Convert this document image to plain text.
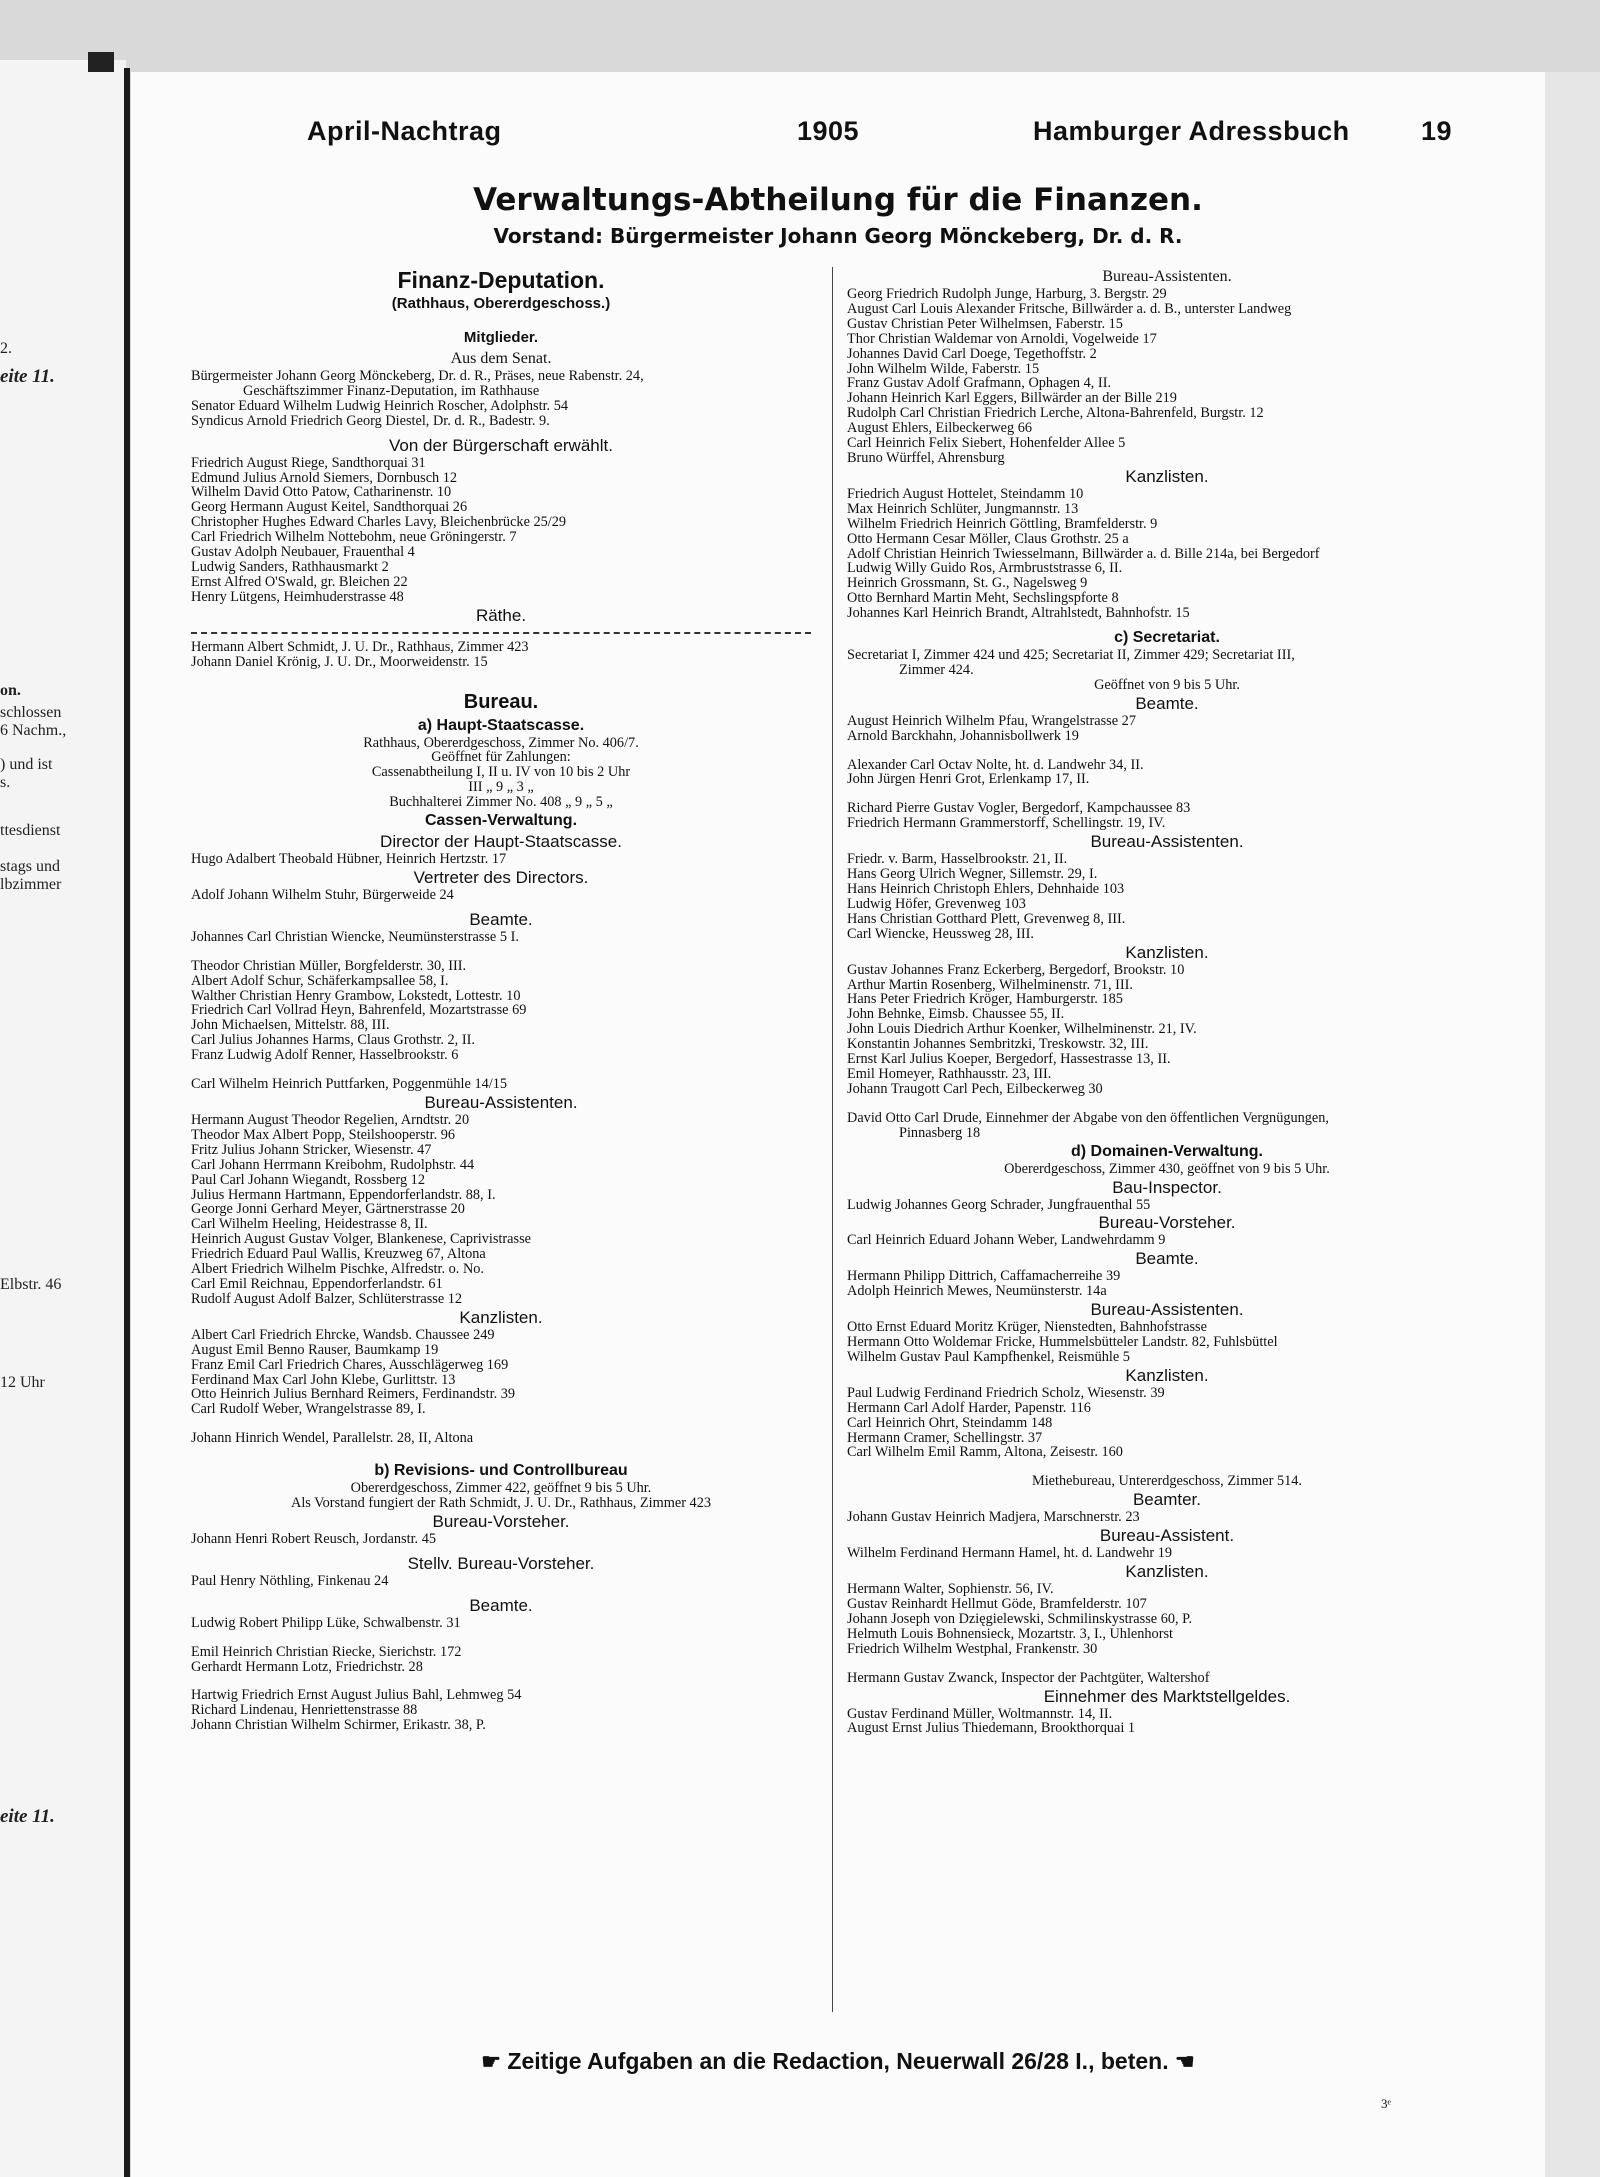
2.
eite 11.
on.
schlossen
6 Nachm.,
) und ist
s.
ttesdienst
stags und
lbzimmer
Elbstr. 46
12 Uhr
eite 11.
April-Nachtrag	1905	Hamburger Adressbuch	19
Verwaltungs-Abtheilung für die Finanzen.
Vorstand: Bürgermeister Johann Georg Mönckeberg, Dr. d. R.

Finanz-Deputation.

(Rathhaus, Obererdgeschoss.)

Mitglieder.

Aus dem Senat.

Bürgermeister Johann Georg Mönckeberg, Dr. d. R., Präses, neue Rabenstr. 24,

Geschäftszimmer Finanz-Deputation, im Rathhause

Senator Eduard Wilhelm Ludwig Heinrich Roscher, Adolphstr. 54

Syndicus Arnold Friedrich Georg Diestel, Dr. d. R., Badestr. 9.

Von der Bürgerschaft erwählt.

Friedrich August Riege, Sandthorquai 31

Edmund Julius Arnold Siemers, Dornbusch 12

Wilhelm David Otto Patow, Catharinenstr. 10

Georg Hermann August Keitel, Sandthorquai 26

Christopher Hughes Edward Charles Lavy, Bleichenbrücke 25/29

Carl Friedrich Wilhelm Nottebohm, neue Gröningerstr. 7

Gustav Adolph Neubauer, Frauenthal 4

Ludwig Sanders, Rathhausmarkt 2

Ernst Alfred O'Swald, gr. Bleichen 22

Henry Lütgens, Heimhuderstrasse 48

Räthe.

Hermann Albert Schmidt, J. U. Dr., Rathhaus, Zimmer 423

Johann Daniel Krönig, J. U. Dr., Moorweidenstr. 15

Bureau.

a) Haupt-Staatscasse.

Rathhaus, Obererdgeschoss, Zimmer No. 406/7.

Geöffnet für Zahlungen:

Cassenabtheilung I, II u. IV von 10 bis 2 Uhr

III „ 9 „ 3 „

Buchhalterei Zimmer No. 408 „ 9 „ 5 „

Cassen-Verwaltung.

Director der Haupt-Staatscasse.

Hugo Adalbert Theobald Hübner, Heinrich Hertzstr. 17

Vertreter des Directors.

Adolf Johann Wilhelm Stuhr, Bürgerweide 24

Beamte.

Johannes Carl Christian Wiencke, Neumünsterstrasse 5 I.

Theodor Christian Müller, Borgfelderstr. 30, III.

Albert Adolf Schur, Schäferkampsallee 58, I.

Walther Christian Henry Grambow, Lokstedt, Lottestr. 10

Friedrich Carl Vollrad Heyn, Bahrenfeld, Mozartstrasse 69

John Michaelsen, Mittelstr. 88, III.

Carl Julius Johannes Harms, Claus Grothstr. 2, II.

Franz Ludwig Adolf Renner, Hasselbrookstr. 6

Carl Wilhelm Heinrich Puttfarken, Poggenmühle 14/15

Bureau-Assistenten.

Hermann August Theodor Regelien, Arndtstr. 20

Theodor Max Albert Popp, Steilshooperstr. 96

Fritz Julius Johann Stricker, Wiesenstr. 47

Carl Johann Herrmann Kreibohm, Rudolphstr. 44

Paul Carl Johann Wiegandt, Rossberg 12

Julius Hermann Hartmann, Eppendorferlandstr. 88, I.

George Jonni Gerhard Meyer, Gärtnerstrasse 20

Carl Wilhelm Heeling, Heidestrasse 8, II.

Heinrich August Gustav Volger, Blankenese, Caprivistrasse

Friedrich Eduard Paul Wallis, Kreuzweg 67, Altona

Albert Friedrich Wilhelm Pischke, Alfredstr. o. No.

Carl Emil Reichnau, Eppendorferlandstr. 61

Rudolf August Adolf Balzer, Schlüterstrasse 12

Kanzlisten.

Albert Carl Friedrich Ehrcke, Wandsb. Chaussee 249

August Emil Benno Rauser, Baumkamp 19

Franz Emil Carl Friedrich Chares, Ausschlägerweg 169

Ferdinand Max Carl John Klebe, Gurlittstr. 13

Otto Heinrich Julius Bernhard Reimers, Ferdinandstr. 39

Carl Rudolf Weber, Wrangelstrasse 89, I.

Johann Hinrich Wendel, Parallelstr. 28, II, Altona

b) Revisions- und Controllbureau

Obererdgeschoss, Zimmer 422, geöffnet 9 bis 5 Uhr.

Als Vorstand fungiert der Rath Schmidt, J. U. Dr., Rathhaus, Zimmer 423

Bureau-Vorsteher.

Johann Henri Robert Reusch, Jordanstr. 45

Stellv. Bureau-Vorsteher.

Paul Henry Nöthling, Finkenau 24

Beamte.

Ludwig Robert Philipp Lüke, Schwalbenstr. 31

Emil Heinrich Christian Riecke, Sierichstr. 172

Gerhardt Hermann Lotz, Friedrichstr. 28

Hartwig Friedrich Ernst August Julius Bahl, Lehmweg 54

Richard Lindenau, Henriettenstrasse 88

Johann Christian Wilhelm Schirmer, Erikastr. 38, P.

Bureau-Assistenten.

Georg Friedrich Rudolph Junge, Harburg, 3. Bergstr. 29

August Carl Louis Alexander Fritsche, Billwärder a. d. B., unterster Landweg

Gustav Christian Peter Wilhelmsen, Faberstr. 15

Thor Christian Waldemar von Arnoldi, Vogelweide 17

Johannes David Carl Doege, Tegethoffstr. 2

John Wilhelm Wilde, Faberstr. 15

Franz Gustav Adolf Grafmann, Ophagen 4, II.

Johann Heinrich Karl Eggers, Billwärder an der Bille 219

Rudolph Carl Christian Friedrich Lerche, Altona-Bahrenfeld, Burgstr. 12

August Ehlers, Eilbeckerweg 66

Carl Heinrich Felix Siebert, Hohenfelder Allee 5

Bruno Würffel, Ahrensburg

Kanzlisten.

Friedrich August Hottelet, Steindamm 10

Max Heinrich Schlüter, Jungmannstr. 13

Wilhelm Friedrich Heinrich Göttling, Bramfelderstr. 9

Otto Hermann Cesar Möller, Claus Grothstr. 25 a

Adolf Christian Heinrich Twiesselmann, Billwärder a. d. Bille 214a, bei Bergedorf

Ludwig Willy Guido Ros, Armbruststrasse 6, II.

Heinrich Grossmann, St. G., Nagelsweg 9

Otto Bernhard Martin Meht, Sechslingspforte 8

Johannes Karl Heinrich Brandt, Altrahlstedt, Bahnhofstr. 15

c) Secretariat.

Secretariat I, Zimmer 424 und 425; Secretariat II, Zimmer 429; Secretariat III,

Zimmer 424.

Geöffnet von 9 bis 5 Uhr.

Beamte.

August Heinrich Wilhelm Pfau, Wrangelstrasse 27

Arnold Barckhahn, Johannisbollwerk 19

Alexander Carl Octav Nolte, ht. d. Landwehr 34, II.

John Jürgen Henri Grot, Erlenkamp 17, II.

Richard Pierre Gustav Vogler, Bergedorf, Kampchaussee 83

Friedrich Hermann Grammerstorff, Schellingstr. 19, IV.

Bureau-Assistenten.

Friedr. v. Barm, Hasselbrookstr. 21, II.

Hans Georg Ulrich Wegner, Sillemstr. 29, I.

Hans Heinrich Christoph Ehlers, Dehnhaide 103

Ludwig Höfer, Grevenweg 103

Hans Christian Gotthard Plett, Grevenweg 8, III.

Carl Wiencke, Heussweg 28, III.

Kanzlisten.

Gustav Johannes Franz Eckerberg, Bergedorf, Brookstr. 10

Arthur Martin Rosenberg, Wilhelminenstr. 71, III.

Hans Peter Friedrich Kröger, Hamburgerstr. 185

John Behnke, Eimsb. Chaussee 55, II.

John Louis Diedrich Arthur Koenker, Wilhelminenstr. 21, IV.

Konstantin Johannes Sembritzki, Treskowstr. 32, III.

Ernst Karl Julius Koeper, Bergedorf, Hassestrasse 13, II.

Emil Homeyer, Rathhausstr. 23, III.

Johann Traugott Carl Pech, Eilbeckerweg 30

David Otto Carl Drude, Einnehmer der Abgabe von den öffentlichen Vergnügungen,

Pinnasberg 18

d) Domainen-Verwaltung.

Obererdgeschoss, Zimmer 430, geöffnet von 9 bis 5 Uhr.

Bau-Inspector.

Ludwig Johannes Georg Schrader, Jungfrauenthal 55

Bureau-Vorsteher.

Carl Heinrich Eduard Johann Weber, Landwehrdamm 9

Beamte.

Hermann Philipp Dittrich, Caffamacherreihe 39

Adolph Heinrich Mewes, Neumünsterstr. 14a

Bureau-Assistenten.

Otto Ernst Eduard Moritz Krüger, Nienstedten, Bahnhofstrasse

Hermann Otto Woldemar Fricke, Hummelsbütteler Landstr. 82, Fuhlsbüttel

Wilhelm Gustav Paul Kampfhenkel, Reismühle 5

Kanzlisten.

Paul Ludwig Ferdinand Friedrich Scholz, Wiesenstr. 39

Hermann Carl Adolf Harder, Papenstr. 116

Carl Heinrich Ohrt, Steindamm 148

Hermann Cramer, Schellingstr. 37

Carl Wilhelm Emil Ramm, Altona, Zeisestr. 160

Miethebureau, Untererdgeschoss, Zimmer 514.

Beamter.

Johann Gustav Heinrich Madjera, Marschnerstr. 23

Bureau-Assistent.

Wilhelm Ferdinand Hermann Hamel, ht. d. Landwehr 19

Kanzlisten.

Hermann Walter, Sophienstr. 56, IV.

Gustav Reinhardt Hellmut Göde, Bramfelderstr. 107

Johann Joseph von Dzięgielewski, Schmilinskystrasse 60, P.

Helmuth Louis Bohnensieck, Mozartstr. 3, I., Uhlenhorst

Friedrich Wilhelm Westphal, Frankenstr. 30

Hermann Gustav Zwanck, Inspector der Pachtgüter, Waltershof

Einnehmer des Marktstellgeldes.

Gustav Ferdinand Müller, Woltmannstr. 14, II.

August Ernst Julius Thiedemann, Brookthorquai 1

☛ Zeitige Aufgaben an die Redaction, Neuerwall 26/28 I., beten. ☚
3ᵉ
